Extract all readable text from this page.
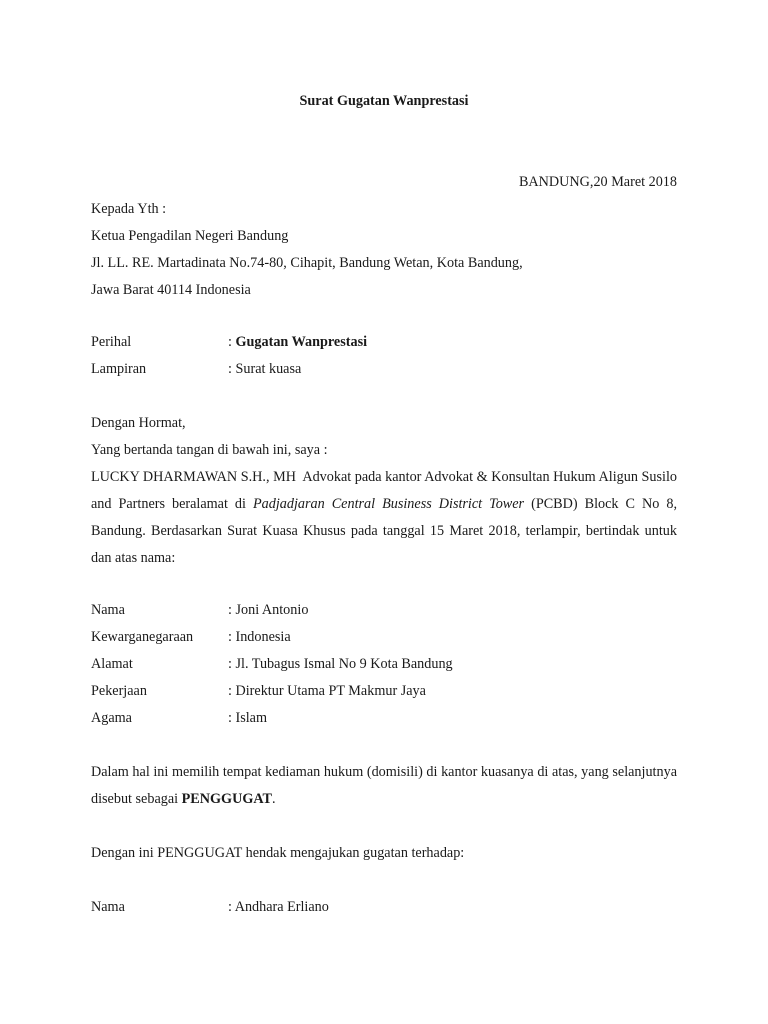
Surat Gugatan Wanprestasi
BANDUNG,20 Maret 2018
Kepada Yth :
Ketua Pengadilan Negeri Bandung
Jl. LL. RE. Martadinata No.74-80, Cihapit, Bandung Wetan, Kota Bandung,
Jawa Barat 40114 Indonesia
Perihal	: Gugatan Wanprestasi
Lampiran	: Surat kuasa
Dengan Hormat,
Yang bertanda tangan di bawah ini, saya :
LUCKY DHARMAWAN S.H., MH  Advokat pada kantor Advokat & Konsultan Hukum Aligun Susilo and Partners beralamat di Padjadjaran Central Business District Tower (PCBD) Block C No 8, Bandung. Berdasarkan Surat Kuasa Khusus pada tanggal 15 Maret 2018, terlampir, bertindak untuk dan atas nama:
Nama	: Joni Antonio
Kewarganegaraan	: Indonesia
Alamat	: Jl. Tubagus Ismal No 9 Kota Bandung
Pekerjaan	: Direktur Utama PT Makmur Jaya
Agama	: Islam
Dalam hal ini memilih tempat kediaman hukum (domisili) di kantor kuasanya di atas, yang selanjutnya disebut sebagai PENGGUGAT.
Dengan ini PENGGUGAT hendak mengajukan gugatan terhadap:
Nama	: Andhara Erliano
